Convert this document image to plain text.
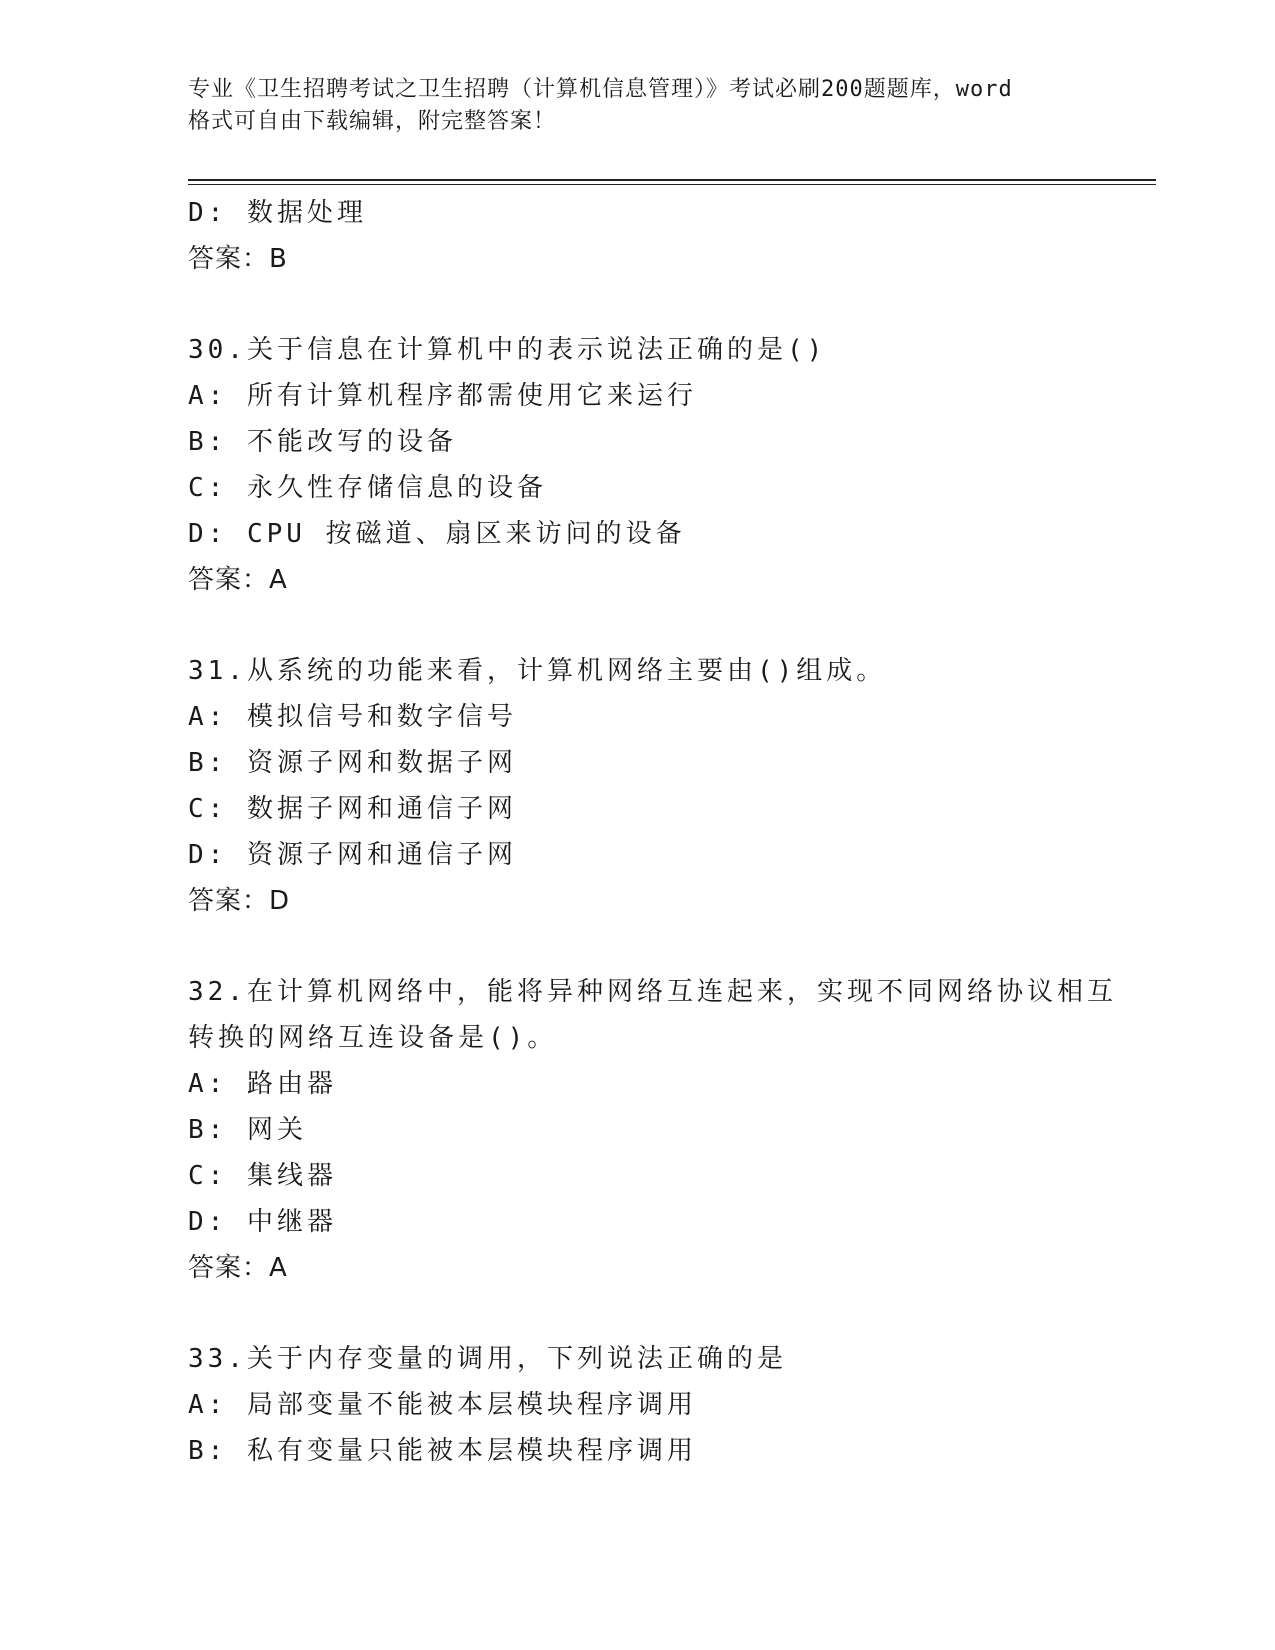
专业《卫生招聘考试之卫生招聘（计算机信息管理）》考试必刷200题题库，word
格式可自由下载编辑，附完整答案！
D: 数据处理
答案：B
30.关于信息在计算机中的表示说法正确的是()
A: 所有计算机程序都需使用它来运行
B: 不能改写的设备
C: 永久性存储信息的设备
D: CPU 按磁道、扇区来访问的设备
答案：A
31.从系统的功能来看，计算机网络主要由()组成。
A: 模拟信号和数字信号
B: 资源子网和数据子网
C: 数据子网和通信子网
D: 资源子网和通信子网
答案：D
32.在计算机网络中，能将异种网络互连起来，实现不同网络协议相互
转换的网络互连设备是()。
A: 路由器
B: 网关
C: 集线器
D: 中继器
答案：A
33.关于内存变量的调用，下列说法正确的是
A: 局部变量不能被本层模块程序调用
B: 私有变量只能被本层模块程序调用
